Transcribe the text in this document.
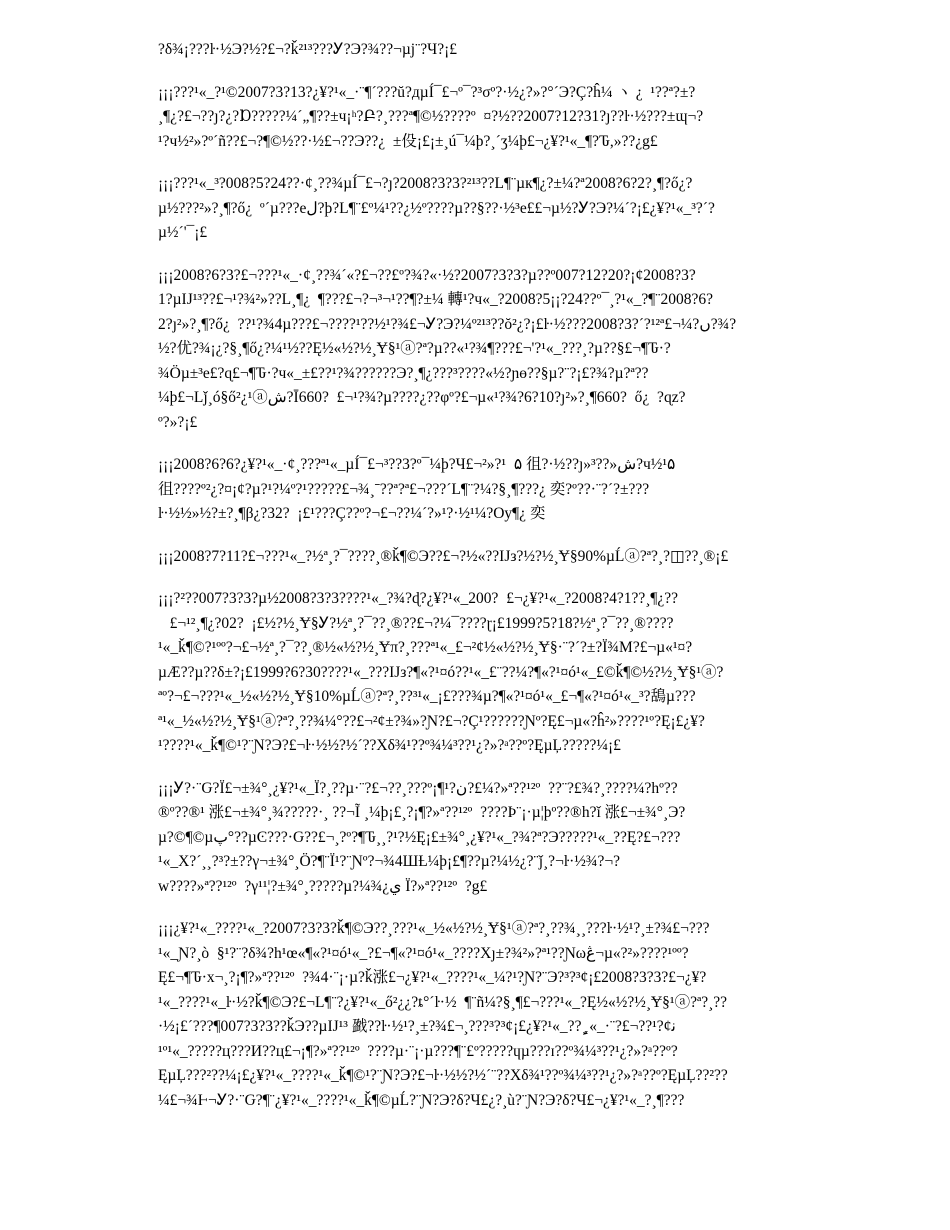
?δ¾¡???ŀ·½Э?½?£¬?ǩ²¹³???Ꭹ?Э?¾??¬µj¨?Ч?¡£

¡¡¡???¹«_?¹©2007?3?13?¿¥?¹«_·¨¶´???ŭ?дµÍ¯£¬º¯?³σº?·½¿?»?°´Э?Ç?ĥ¼ ヽ ¿  ¹??ª?±?
¸¶¿?£¬??ȷ?¿?Ɒ?????¼´„¶??±ч¡ʰ?Բ?¸???ª¶©½????º  ¤?½??2007?12?31?ȷ??ŀ·½???±ɰ¬?
¹?ч½²»?º´ñ??£¬?¶©½??·½£¬??Э??¿  ±伇¡£¡±¸ú¯¼þ?¸´ʒ¼þ£¬¿¥?¹«_¶?Ԏ,»??¿g£

¡¡¡???¹«_³?008?5?24??·¢¸??¾µÍ¯£¬?ȷ?2008?3?3?²¹³??L¶¨µк¶¿?±¼?ª2008?6?2?¸¶?ő¿?
µ½???²»?¸¶?ő¿  º´µ???eل?þ?L¶¨£º¼¹??¿½º????µ??§??·½³e££¬µ½?Ꭹ?Э?¼´?¡£¿¥?¹«_³?´?
µ½´'¯¡£

¡¡¡2008?6?3?£¬???¹«_·¢¸??¾´«?£¬??£º?¾?«·½?2007?3?3?µ??º007?12?20?¡¢2008?3?
1?µIJ¹³??£¬¹?¾²»??L¸¶¿  ¶???£¬?¬³¬¹??¶?±¼ 轉¹?ч«_?2008?5¡¡?24??º¯¸?¹«_?¶¨2008?6?
2?ȷ²»?¸¶?ő¿  ??¹?¾4µ???£¬????¹??½¹?¾£¬Ꭹ?Э?¼º²¹³??ŏ²¿?¡£ŀ·½???2008?3?´?¹²ª£¬¼?ں?¾?
½?优?¾¡¿?§¸¶ő¿?¼¹½??Ę½«½?½¸Ɏ§¹ⓐ?ª?µ??«¹?¾¶???£¬'?¹«_???¸?µ??§£¬¶Ԏ·?
¾Öµ±³e£?ɋ£¬¶Ԏ·?ч«_±£??¹?¾??????Э?¸¶¿???³????«½?ɲɵ??§µ?¨?¡£?¾?µ?ª??
¼þ£¬Lǰ¸ó§ő²¿¹ⓐش?Ī660?  £¬¹?¾?µ????¿??φº?£¬µ«¹?¾?6?10?ȷ²»?¸¶660?  ő¿  ?ɋz?
º?»?¡£

¡¡¡2008?6?6?¿¥?¹«_·¢¸???ª¹«_µÍ¯£¬³??3?º¯¼þ?Ч£¬²»?¹  ۵ 徂?·½??ȷ»³??»ش?ч½¹۵
徂????º²¿?¤¡¢?µ?¹?¼º?¹?????£¬¾¸ˉ??ª?ª£¬???´L¶¨?¼?§¸¶???¿ 奕?º??·¨?´?±???
ŀ·½½»½?±?¸¶β¿?32?  ¡£¹???Ç??º?¬£¬??¼´?»¹?·½¹¼?Оу¶¿ 奕

¡¡¡2008?7?11?£¬???¹«_?½ª¸?¯????¸®ǩ¶©Э??£¬?½«??IJз?½?½¸Ɏ§90%µĹⓐ?ª?¸?◫??¸®¡£

¡¡¡?²??007?3?3?µ½2008?3?3????¹«_?¾?ɖ?¿¥?¹«_200?  £¬¿¥?¹«_?2008?4?1??¸¶¿??
£¬¹²¸¶¿?02?  ¡£½?½¸Ɏ§Ꭹ?½ª¸?¯??¸®??£¬?¼¯????ɽ¡£1999?5?18?½ª¸?¯??¸®????
¹«_ǩ¶©?¹ºº?¬£¬½ª¸?¯??¸®½«½?½¸Ɏπ?¸???ª¹«_£¬²¢½«½?½¸Ɏ§·¨?´?±?Ї¾М?£¬µ«¹¤?
µÆ??µ??δ±?¡£1999?6?30????¹«_???IJз?¶«?¹¤ó??¹«_£¨??¼?¶«?¹¤ó¹«_£©ǩ¶©½?½¸Ɏ§¹ⓐ?
ªº?¬£¬???¹«_½«½?½¸Ɏ§10%µĹⓐ?ª?¸??³¹«_¡£???¾µ?¶«?¹¤ó¹«_£¬¶«?¹¤ó¹«_³?鴰µ???
ª¹«_½«½?½¸Ɏ§¹ⓐ?ª?¸??¾¼°??£¬²¢±?¾»?Ɲ?£¬?Ç¹??????Ɲº?Ę£¬µ«?ĥ²»????¹º?Ę¡£¿¥?
¹????¹«_ǩ¶©¹?¨Ɲ?Э?£¬ŀ·½½?½´??Χδ¾¹??º¾¼³??¹¿?»?ᵃ??º?ĘµĻ?????¼¡£

¡¡¡Ꭹ?·¨Ԍ?Ï£¬±¾°¸¿¥?¹«_Ï?¸??µ·¨?£¬??¸???º¡¶¹?ن?£¼?»ª??¹²º  ??¨?£¾?¸????¼?hº??
®º??®¹ 涨£¬±¾°¸¾?????·¸ ??¬Ĩ ¸¼þ¡£¸?¡¶?»ª??¹²º  ????Þ¨¡·µ¦þº??®h?ǐ 涨£¬±¾°¸Э?
µ?©¶©µپ°??µϾ???·Ԍ??£¬¸?º?¶Ԏ¸¸?¹?½Ę¡£±¾°¸¿¥?¹«_?¾?ª?Э?????¹«_??Ę?£¬???
¹«_Χ?´¸¸?³?±??γ¬±¾°¸Ö?¶¨Ï¹?¨Ɲº?¬¾4ШȽ¼þ¡£¶??µ?¼½¿?¨ǰ¸?¬ŀ·½¾?¬?
w????»ª??¹²º  ?γ¹¹¦?±¾°¸?????µ?¼¾¿ي Ï?»ª??¹²º  ?g£

¡¡¡¿¥?¹«_????¹«_?2007?3?3?ǩ¶©Э??¸???¹«_½«½?½¸Ɏ§¹ⓐ?ª?¸??¾¸¸???ŀ·½¹?¸±?¾£¬???
¹«_Ɲ?¸ò  §¹?¨?δ¾?h¹œ«¶«?¹¤ó¹«_?£¬¶«?¹¤ó¹«_????Χȷ±?¾²»?ª¹??Ɲωڠ¬µ«?²»????¹ºº?
Ę£¬¶Ԏ·x¬¸?¡¶?»ª??¹²º  ?¾4·¨¡·µ?ǩ涨£¬¿¥?¹«_????¹«_¼?¹?Ɲ?¨Э?³?³¢¡£2008?3?3?£¬¿¥?
¹«_????¹«_ŀ·½?ǩ¶©Э?£¬L¶¨?¿¥?¹«_ő²¿¿?ȶ°´ŀ·½  ¶¨ñ¼?§¸¶£¬???¹«_?Ę½«½?½¸Ɏ§¹ⓐ?ª?¸??
·½¡£´???¶007?3?3??ǩЭ??µIJ¹³ 戤??ŀ·½¹?¸±?¾£¬¸???³?³¢¡£¿¥?¹«_??¸ٍ«_·¨?£¬??¹?¢ﻧ
¹º¹«_?????ц???И??ц£¬¡¶?»ª??¹²º  ????µ·¨¡·µ???¶¨£º?????ɥµ???ɪ??º¾¼³??¹¿?»?ᵃ??º?
ĘµĻ???²??¼¡£¿¥?¹«_????¹«_ǩ¶©¹?¨Ɲ?Э?£¬ŀ·½½?½´¨??Χδ¾¹??º¾¼³??¹¿?»?ᵃ??º?ĘµĻ??²??
¼£¬¾Ⱶ¬Ꭹ?·¨Ԍ?¶¨¿¥?¹«_????¹«_ǩ¶©µĹ?¨Ɲ?Э?δ?Ч£¿?¸ù?¨Ɲ?Э?δ?Ч£¬¿¥?¹«_?¸¶???
